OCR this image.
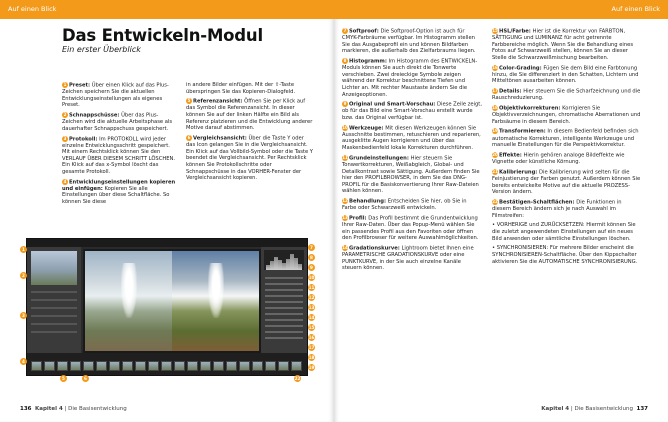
Auf einen Blick
Das Entwickeln-Modul
Ein erster Überblick

1 Preset: Über einen Klick auf das Plus-Zeichen speichern Sie die aktuellen Entwicklungseinstellungen als eigenes Preset.

2 Schnappschüsse: Über das Plus-Zeichen wird die aktuelle Arbeitsphase als dauerhafter Schnappschuss gespeichert.

3 Protokoll: Im PROTOKOLL wird jeder einzelne Entwicklungsschritt gespeichert. Mit einem Rechtsklick können Sie den VERLAUF ÜBER DIESEM SCHRITT LÖSCHEN. Ein Klick auf das x-Symbol löscht das gesamte Protokoll.

4 Entwicklungseinstellungen kopieren und einfügen: Kopieren Sie alle Einstellungen über diese Schaltfläche. So können Sie diese

in andere Bilder einfügen. Mit der ⇧-Taste überspringen Sie das Kopieren-Dialogfeld.

5 Referenzansicht: Öffnen Sie per Klick auf das Symbol die Referenzansicht. In dieser können Sie auf der linken Hälfte ein Bild als Referenz platzieren und die Entwicklung anderer Motive darauf abstimmen.

6 Vergleichsansicht: Über die Taste Y oder das Icon gelangen Sie in die Vergleichsansicht. Ein Klick auf das Vollbild-Symbol oder die Taste Y beendet die Vergleichsansicht. Per Rechtsklick können Sie Protokollschritte oder Schnappschüsse in das VORHER-Fenster der Vergleichsansicht kopieren.

1
2
3
4
5	6
7
8
9
10
11
12
13
14
15
16
17
18
19
22
136 Kapitel 4 | Die Basisentwicklung
Auf einen Blick

7 Softproof: Die Softproof-Option ist auch für CMYK-Farbräume verfügbar. Im Histogramm stellen Sie das Ausgabeprofil ein und können Bildfarben markieren, die außerhalb des Zielfarbraums liegen.

8 Histogramm: Im Histogramm des ENTWICKELN-Moduls können Sie auch direkt die Tonwerte verschieben. Zwei dreieckige Symbole zeigen während der Korrektur beschnittene Tiefen und Lichter an. Mit rechter Maustaste ändern Sie die Anzeigeoptionen.

9 Original und Smart-Vorschau: Diese Zeile zeigt, ob für das Bild eine Smart-Vorschau erstellt wurde bzw. das Original verfügbar ist.

10Werkzeuge: Mit diesen Werkzeugen können Sie Ausschnitte bestimmen, retuschieren und reparieren, ausgeklitte Augen korrigieren und über das Maskenbedienfeld lokale Korrekturen durchführen.

11Grundeinstellungen: Hier steuern Sie Tonwertkorrekturen, Weißabgleich, Global- und Detailkontrast sowie Sättigung. Außerdem finden Sie hier den PROFILBROWSER, in dem Sie das DNG-PROFIL für die Basiskonvertierung Ihrer Raw-Dateien wählen können.

12Behandlung: Entscheiden Sie hier, ob Sie in Farbe oder Schwarzweiß entwickeln.

13Profil: Das Profil bestimmt die Grundentwicklung Ihrer Raw-Daten. Über das Popup-Menü wählen Sie ein passendes Profil aus den Favoriten oder öffnen den Profilbrowser für weitere Auswahlmöglichkeiten.

14Gradationskurve: Lightroom bietet Ihnen eine PARAMETRISCHE GRADATIONSKURVE oder eine PUNKTKURVE, in der Sie auch einzelne Kanäle steuern können.

15HSL/Farbe: Hier ist die Korrektur von FARBTON, SÄTTIGUNG und LUMINANZ für acht getrennte Farbbereiche möglich. Wenn Sie die Behandlung eines Fotos auf Schwarzweiß stellen, können Sie an dieser Stelle die Schwarzweißmischung bearbeiten.

16Color-Grading: Fügen Sie dem Bild eine Farbtonung hinzu, die Sie differenziert in den Schatten, Lichtern und Mitteltönen ausarbeiten können.

17Details: Hier steuern Sie die Scharfzeichnung und die Rauschreduzierung.

18Objektivkorrekturen: Korrigieren Sie Objektivverzeichnungen, chromatische Aberrationen und Farbsäume in diesem Bereich.

19Transformieren: In diesem Bedienfeld befinden sich automatische Korrekturen, intelligente Werkzeuge und manuelle Einstellungen für die Perspektivkorrektur.

20Effekte: Hierin gehören analoge Bildeffekte wie Vignette oder künstliche Körnung.

21Kalibrierung: Die Kalibrierung wird selten für die Feinjustierung der Farben genutzt. Außerdem können Sie bereits entwickelte Motive auf die aktuelle PROZESS-Version ändern.

22Bestätigen-Schaltflächen: Die Funktionen in diesem Bereich ändern sich je nach Auswahl im Filmstreifen:

• VORHERIGE und ZURÜCKSETZEN: Hiermit können Sie die zuletzt angewendeten Einstellungen auf ein neues Bild anwenden oder sämtliche Einstellungen löschen.

• SYNCHRONISIEREN: Für mehrere Bilder erscheint die SYNCHRONISIEREN-Schaltfläche. Über den Kippschalter aktivieren Sie die AUTOMATISCHE SYNCHRONISIERUNG.

Kapitel 4 | Die Basisentwicklung 137
